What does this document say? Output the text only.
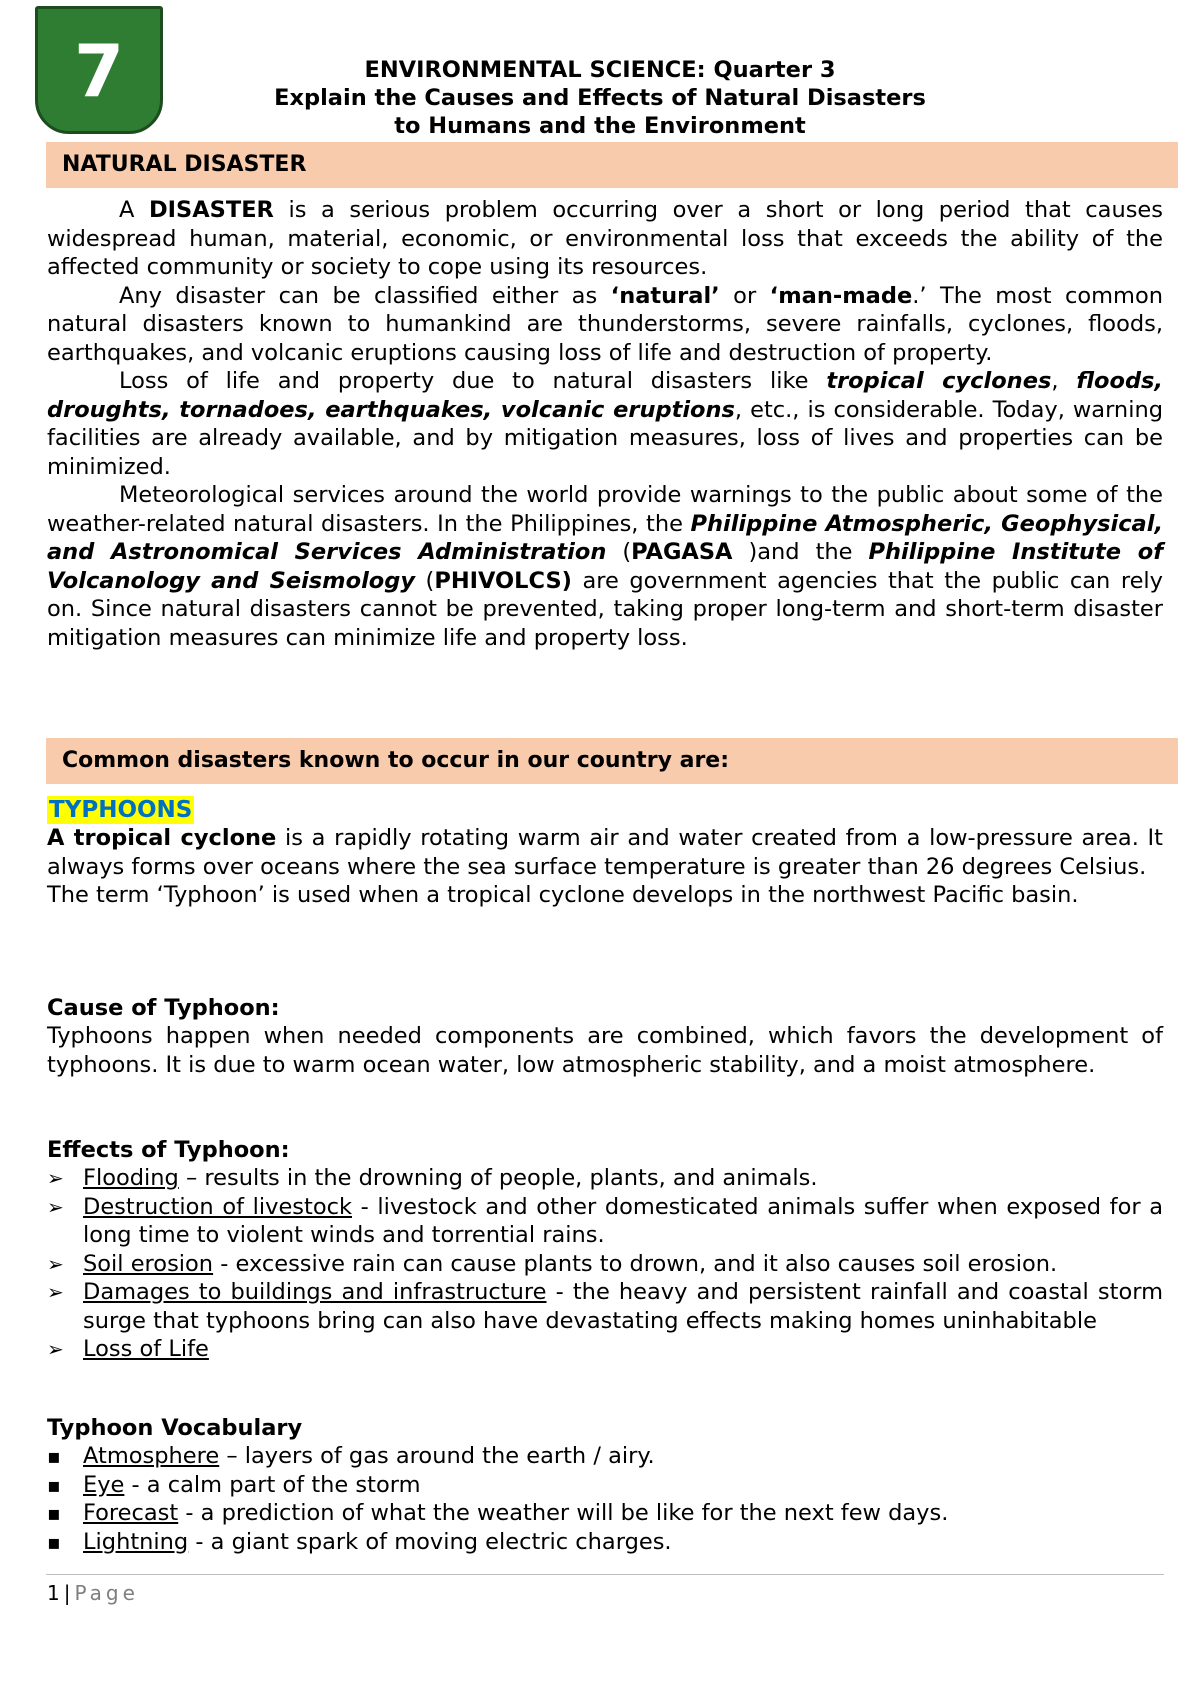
7	ENVIRONMENTAL SCIENCE: Quarter 3
Explain the Causes and Effects of Natural Disasters
to Humans and the Environment
NATURAL DISASTER

A DISASTER is a serious problem occurring over a short or long period that causes widespread human, material, economic, or environmental loss that exceeds the ability of the affected community or society to cope using its resources.

Any disaster can be classified either as ‘natural’ or ‘man-made.’ The most common natural disasters known to humankind are thunderstorms, severe rainfalls, cyclones, floods, earthquakes, and volcanic eruptions causing loss of life and destruction of property.

Loss of life and property due to natural disasters like tropical cyclones, floods, droughts, tornadoes, earthquakes, volcanic eruptions, etc., is considerable. Today, warning facilities are already available, and by mitigation measures, loss of lives and properties can be minimized.

Meteorological services around the world provide warnings to the public about some of the weather-related natural disasters. In the Philippines, the Philippine Atmospheric, Geophysical, and Astronomical Services Administration (PAGASA )and the Philippine Institute of Volcanology and Seismology (PHIVOLCS) are government agencies that the public can rely on. Since natural disasters cannot be prevented, taking proper long-term and short-term disaster mitigation measures can minimize life and property loss.

Common disasters known to occur in our country are:
TYPHOONS

A tropical cyclone is a rapidly rotating warm air and water created from a low-pressure area. It always forms over oceans where the sea surface temperature is greater than 26 degrees Celsius.

The term ‘Typhoon’ is used when a tropical cyclone develops in the northwest Pacific basin.

Cause of Typhoon:

Typhoons happen when needed components are combined, which favors the development of typhoons. It is due to warm ocean water, low atmospheric stability, and a moist atmosphere.

Effects of Typhoon:
➢ Flooding – results in the drowning of people, plants, and animals.
➢ Destruction of livestock - livestock and other domesticated animals suffer when exposed for a long time to violent winds and torrential rains.
➢ Soil erosion - excessive rain can cause plants to drown, and it also causes soil erosion.
➢ Damages to buildings and infrastructure - the heavy and persistent rainfall and coastal storm surge that typhoons bring can also have devastating effects making homes uninhabitable
➢ Loss of Life
Typhoon Vocabulary
▪ Atmosphere – layers of gas around the earth / airy.
▪ Eye - a calm part of the storm
▪ Forecast - a prediction of what the weather will be like for the next few days.
▪ Lightning - a giant spark of moving electric charges.
1 | Page
